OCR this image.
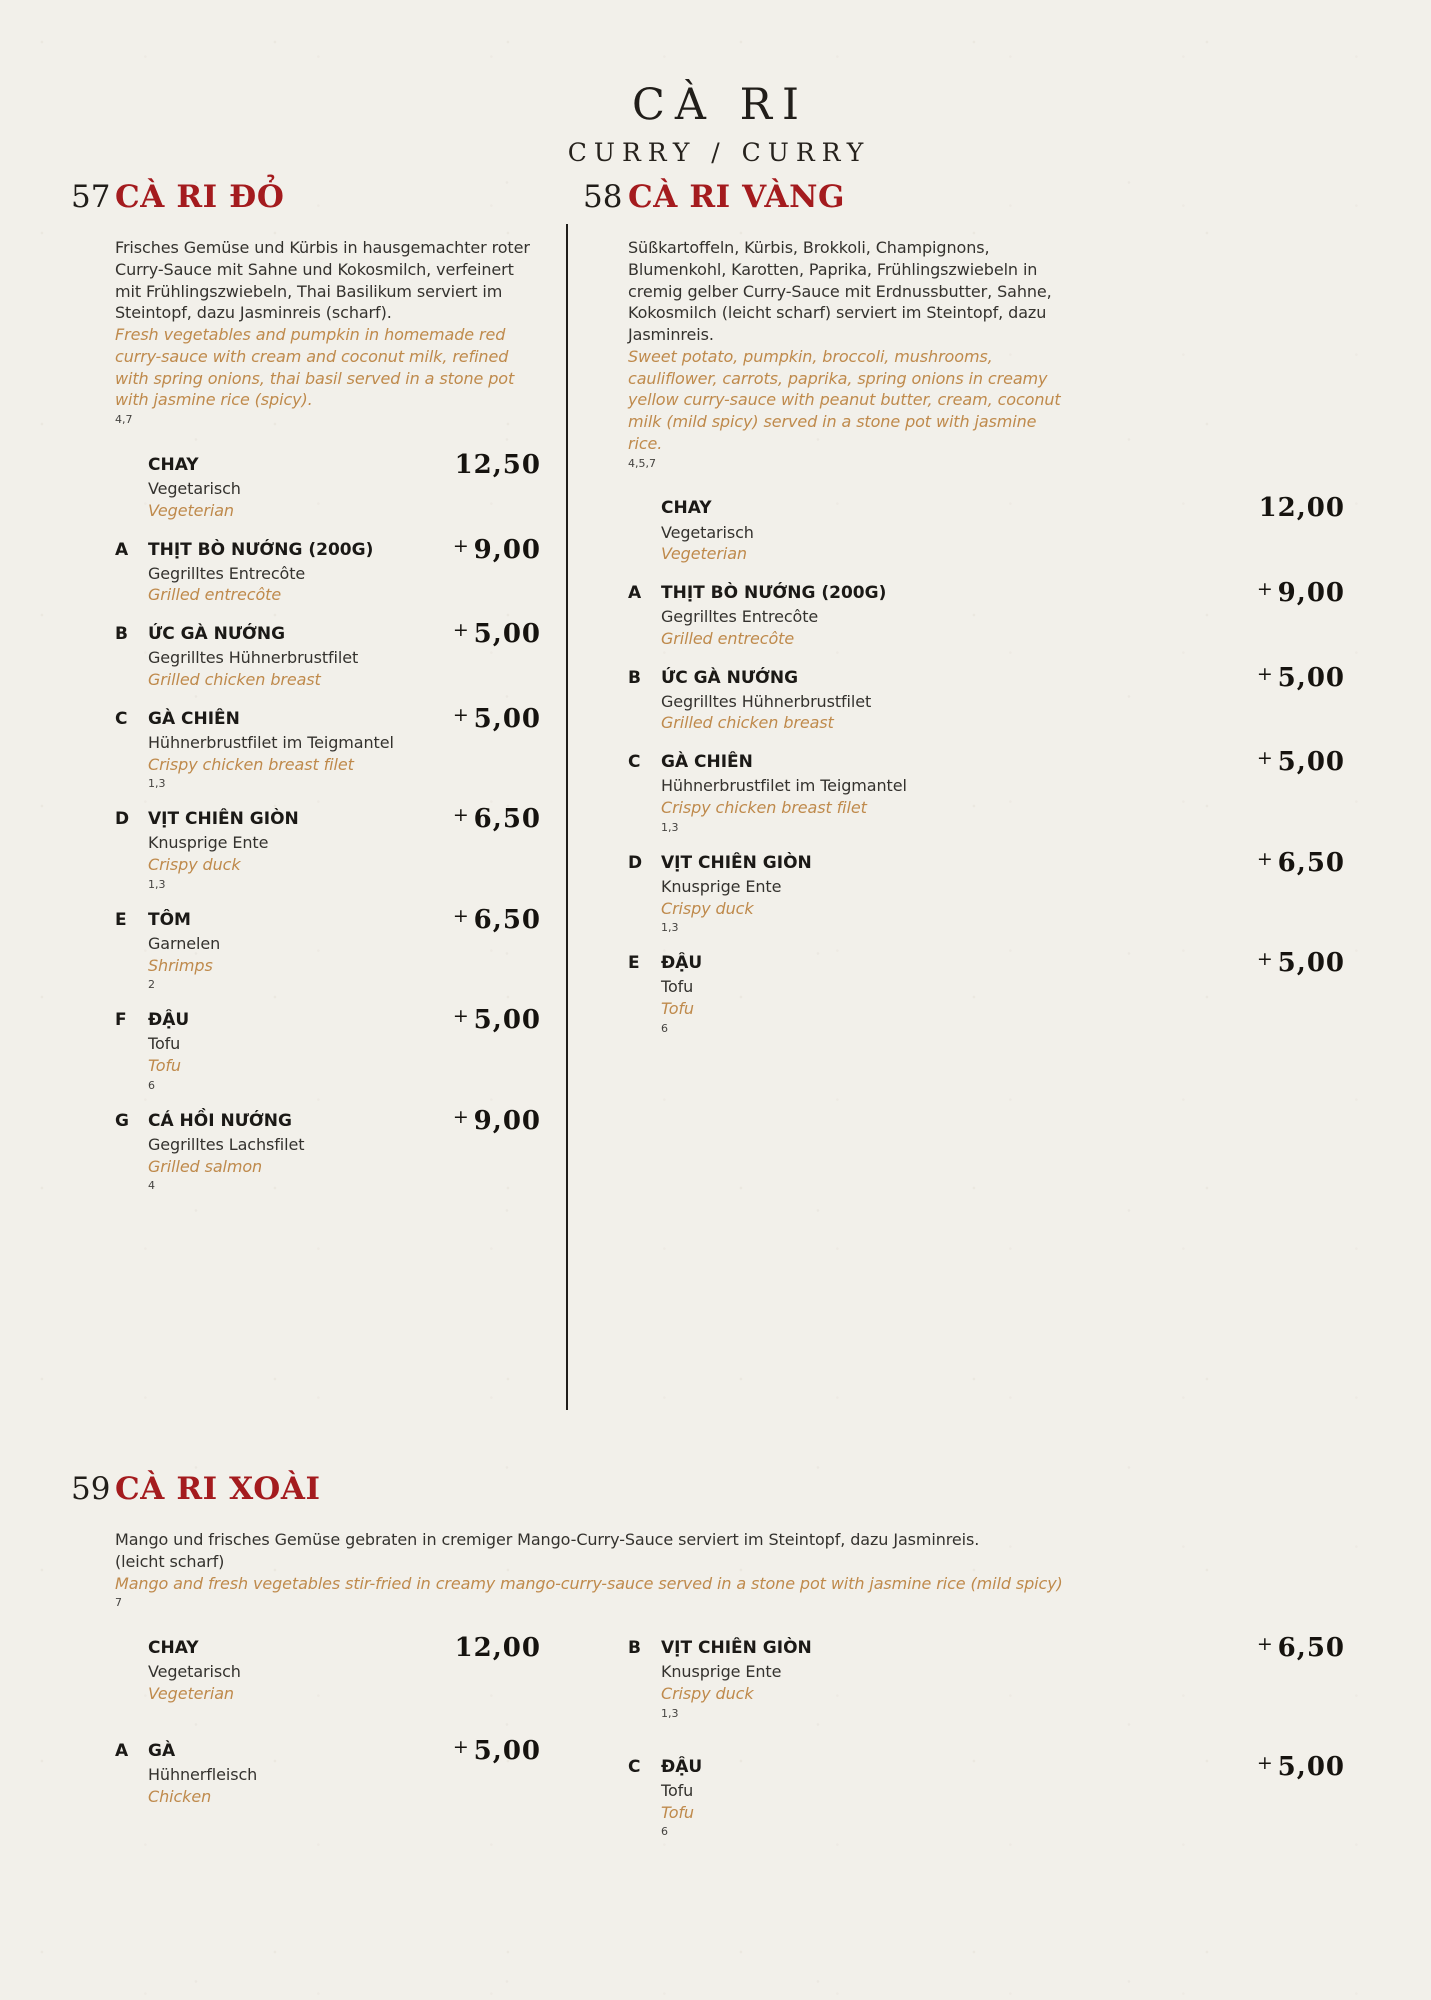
CÀ RI
CURRY / CURRY
57 CÀ RI ĐỎ

Frisches Gemüse und Kürbis in hausgemachter roter Curry-Sauce mit Sahne und Kokosmilch, verfeinert mit Frühlingszwiebeln, Thai Basilikum serviert im Steintopf, dazu Jasminreis (scharf).

Fresh vegetables and pumpkin in homemade red curry-sauce with cream and coconut milk, refined with spring onions, thai basil served in a stone pot with jasmine rice (spicy).

4,7
CHAY
Vegetarisch
Vegeterian
12,50
A	THỊT BÒ NƯỚNG (200G)
Gegrilltes Entrecôte
Grilled entrecôte
+ 9,00
B	ỨC GÀ NƯỚNG
Gegrilltes Hühnerbrustfilet
Grilled chicken breast
+ 5,00
C	GÀ CHIÊN
Hühnerbrustfilet im Teigmantel
Crispy chicken breast filet
1,3
+ 5,00
D	VỊT CHIÊN GIÒN
Knusprige Ente
Crispy duck
1,3
+ 6,50
E	TÔM
Garnelen
Shrimps
2
+ 6,50
F	ĐẬU
Tofu
Tofu
6
+ 5,00
G	CÁ HỒI NƯỚNG
Gegrilltes Lachsfilet
Grilled salmon
4
+ 9,00
58 CÀ RI VÀNG

Süßkartoffeln, Kürbis, Brokkoli, Champignons, Blumenkohl, Karotten, Paprika, Frühlingszwiebeln in cremig gelber Curry-Sauce mit Erdnussbutter, Sahne, Kokosmilch (leicht scharf) serviert im Steintopf, dazu Jasminreis.

Sweet potato, pumpkin, broccoli, mushrooms, cauliflower, carrots, paprika, spring onions in creamy yellow curry-sauce with peanut butter, cream, coconut milk (mild spicy) served in a stone pot with jasmine rice.

4,5,7
CHAY
Vegetarisch
Vegeterian
12,00
A	THỊT BÒ NƯỚNG (200G)
Gegrilltes Entrecôte
Grilled entrecôte
+ 9,00
B	ỨC GÀ NƯỚNG
Gegrilltes Hühnerbrustfilet
Grilled chicken breast
+ 5,00
C	GÀ CHIÊN
Hühnerbrustfilet im Teigmantel
Crispy chicken breast filet
1,3
+ 5,00
D	VỊT CHIÊN GIÒN
Knusprige Ente
Crispy duck
1,3
+ 6,50
E	ĐẬU
Tofu
Tofu
6
+ 5,00
59 CÀ RI XOÀI

Mango und frisches Gemüse gebraten in cremiger Mango-Curry-Sauce serviert im Steintopf, dazu Jasminreis.

(leicht scharf)

Mango and fresh vegetables stir-fried in creamy mango-curry-sauce served in a stone pot with jasmine rice (mild spicy)

7
CHAY
Vegetarisch
Vegeterian
12,00
A	GÀ
Hühnerfleisch
Chicken
+ 5,00
B	VỊT CHIÊN GIÒN
Knusprige Ente
Crispy duck
1,3
+ 6,50
C	ĐẬU
Tofu
Tofu
6
+ 5,00
